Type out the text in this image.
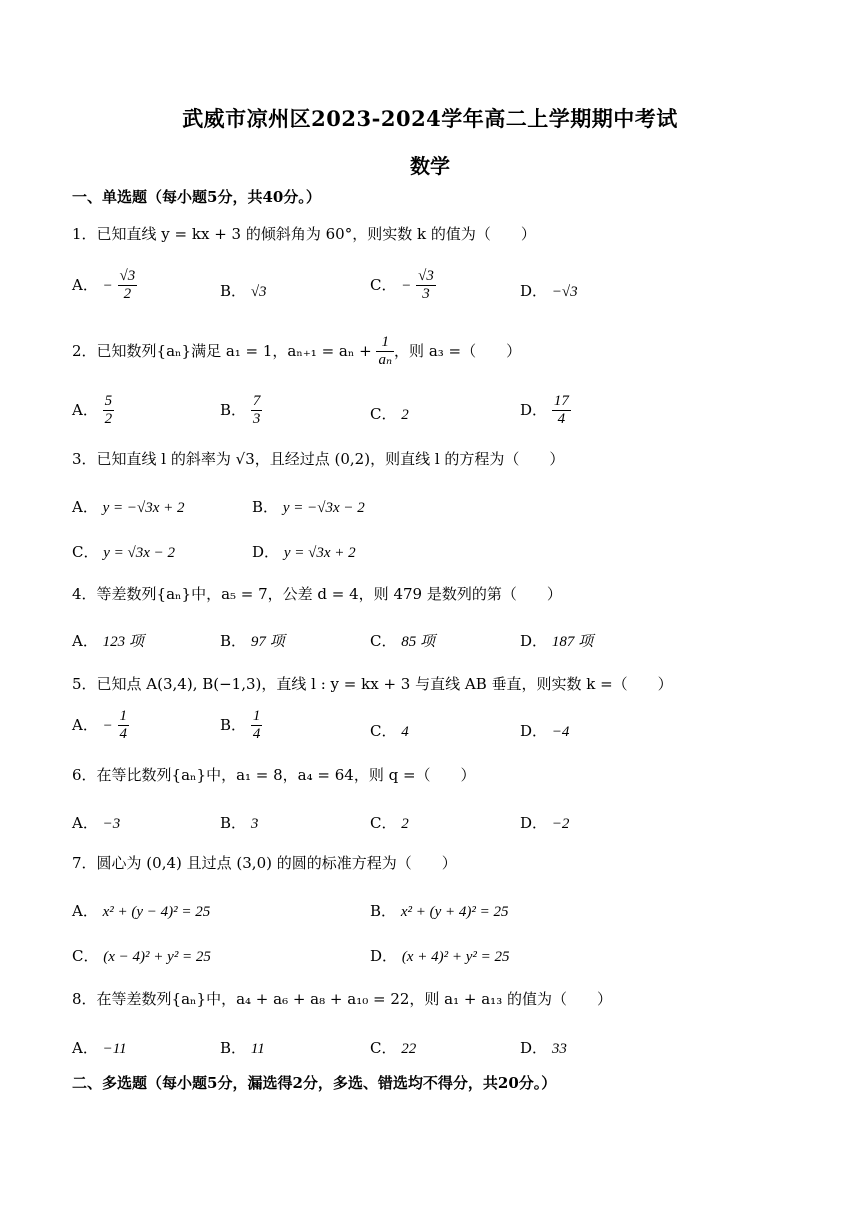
武威市凉州区2023-2024学年高二上学期期中考试
数学
一、单选题（每小题5分，共40分。）
1．已知直线 y = kx + 3 的倾斜角为 60°，则实数 k 的值为（　　）
A． − $\frac{√3}{2}$	B． √3	C． − $\frac{√3}{3}$	D． −√3
2．已知数列{aₙ}满足 a₁ = 1，$a_{n+1} = a_n + \frac{1}{\text{aₙ}}$ ，则 a₃ =（　　）
A． $\frac{5}{2}$	B． $\frac{7}{3}$	C． 2	D． $\frac{17}{4}$
3．已知直线 l 的斜率为 √3，且经过点 (0,2)，则直线 l 的方程为（　　）
A． y = −√3x + 2	B． y = −√3x − 2
C． y = √3x − 2	D． y = √3x + 2
4．等差数列{aₙ}中，a₅ = 7，公差 d = 4，则 479 是数列的第（　　）
A． 123 项	B． 97 项	C． 85 项	D． 187 项
5．已知点 A(3,4), B(−1,3)，直线 l : y = kx + 3 与直线 AB 垂直，则实数 k =（　　）
A． − $\frac{1}{4}$	B． $\frac{1}{4}$	C． 4	D． −4
6．在等比数列{aₙ}中，a₁ = 8，a₄ = 64，则 q =（　　）
A． −3	B． 3	C． 2	D． −2
7．圆心为 (0,4) 且过点 (3,0) 的圆的标准方程为（　　）
A． x² + (y − 4)² = 25	B． x² + (y + 4)² = 25
C． (x − 4)² + y² = 25	D． (x + 4)² + y² = 25
8．在等差数列{aₙ}中，a₄ + a₆ + a₈ + a₁₀ = 22，则 a₁ + a₁₃ 的值为（　　）
A． −11	B． 11	C． 22	D． 33
二、多选题（每小题5分，漏选得2分，多选、错选均不得分，共20分。）
